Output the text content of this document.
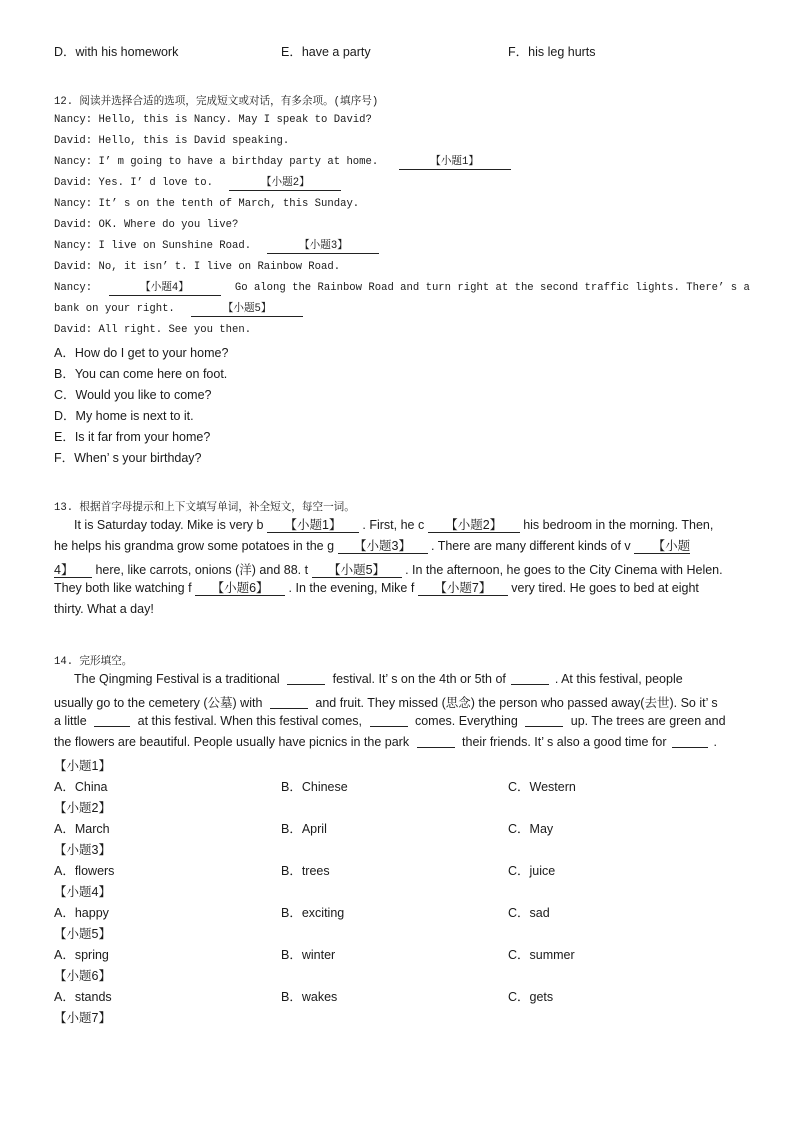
D．with his homework	E．have a party	F．his leg hurts
12. 阅读并选择合适的选项，完成短文或对话，有多余项。(填序号)
Nancy: Hello, this is Nancy. May I speak to David?
David: Hello, this is David speaking.
Nancy: I’ m going to have a birthday party at home.	【小题1】
David: Yes. I’ d love to.	【小题2】
Nancy: It’ s on the tenth of March, this Sunday.
David: OK. Where do you live?
Nancy: I live on Sunshine Road.	【小题3】
David: No, it isn’ t. I live on Rainbow Road.
Nancy:	【小题4】	Go along the Rainbow Road and turn right at the second traffic lights. There’ s a
bank on your right.	【小题5】
David: All right. See you then.
A．How do I get to your home?
B．You can come here on foot.
C．Would you like to come?
D．My home is next to it.
E．Is it far from your home?
F．When’ s your birthday?
13. 根据首字母提示和上下文填写单词，补全短文，每空一词。
It is Saturday today. Mike is very b 【小题1】 . First, he c 【小题2】 his bedroom in the morning. Then,
he helps his grandma grow some potatoes in the g 【小题3】 . There are many different kinds of v 【小题
4】 here, like carrots, onions (洋) and 88. t 【小题5】 . In the afternoon, he goes to the City Cinema with Helen.
They both like watching f 【小题6】 . In the evening, Mike f 【小题7】 very tired. He goes to bed at eight
thirty. What a day!
14. 完形填空。
The Qingming Festival is a traditional	festival. It’ s on the 4th or 5th of	. At this festival, people
usually go to the cemetery (公墓) with	and fruit. They missed (思念) the person who passed away(去世). So it’ s
a little	at this festival. When this festival comes,	comes. Everything	up. The trees are green and
the flowers are beautiful. People usually have picnics in the park	their friends. It’ s also a good time for	.
【小题1】
A．China	B．Chinese	C．Western
【小题2】
A．March	B．April	C．May
【小题3】
A．flowers	B．trees	C．juice
【小题4】
A．happy	B．exciting	C．sad
【小题5】
A．spring	B．winter	C．summer
【小题6】
A．stands	B．wakes	C．gets
【小题7】
